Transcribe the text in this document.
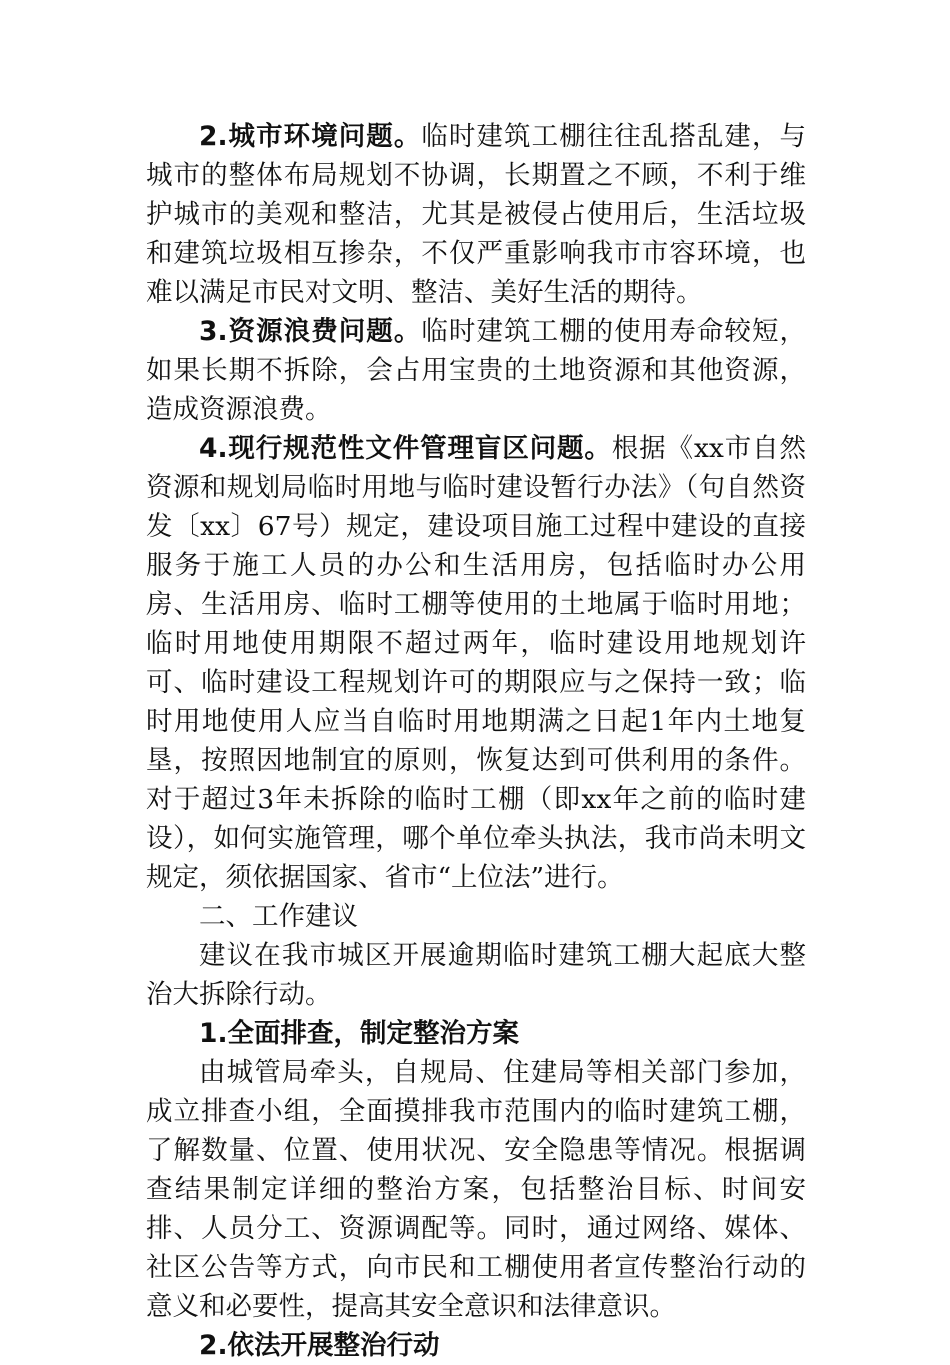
2.城市环境问题。临时建筑工棚往往乱搭乱建，与城市的整体布局规划不协调，长期置之不顾，不利于维护城市的美观和整洁，尤其是被侵占使用后，生活垃圾和建筑垃圾相互掺杂，不仅严重影响我市市容环境，也难以满足市民对文明、整洁、美好生活的期待。

3.资源浪费问题。临时建筑工棚的使用寿命较短，如果长期不拆除，会占用宝贵的土地资源和其他资源，造成资源浪费。

4.现行规范性文件管理盲区问题。根据《xx市自然资源和规划局临时用地与临时建设暂行办法》（句自然资发〔xx〕67号）规定，建设项目施工过程中建设的直接服务于施工人员的办公和生活用房，包括临时办公用房、生活用房、临时工棚等使用的土地属于临时用地；临时用地使用期限不超过两年，临时建设用地规划许可、临时建设工程规划许可的期限应与之保持一致；临时用地使用人应当自临时用地期满之日起1年内土地复垦，按照因地制宜的原则，恢复达到可供利用的条件。对于超过3年未拆除的临时工棚（即xx年之前的临时建设），如何实施管理，哪个单位牵头执法，我市尚未明文规定，须依据国家、省市“上位法”进行。

二、工作建议

建议在我市城区开展逾期临时建筑工棚大起底大整治大拆除行动。

1.全面排查，制定整治方案

由城管局牵头，自规局、住建局等相关部门参加，成立排查小组，全面摸排我市范围内的临时建筑工棚，了解数量、位置、使用状况、安全隐患等情况。根据调查结果制定详细的整治方案，包括整治目标、时间安排、人员分工、资源调配等。同时，通过网络、媒体、社区公告等方式，向市民和工棚使用者宣传整治行动的意义和必要性，提高其安全意识和法律意识。

2.依法开展整治行动
